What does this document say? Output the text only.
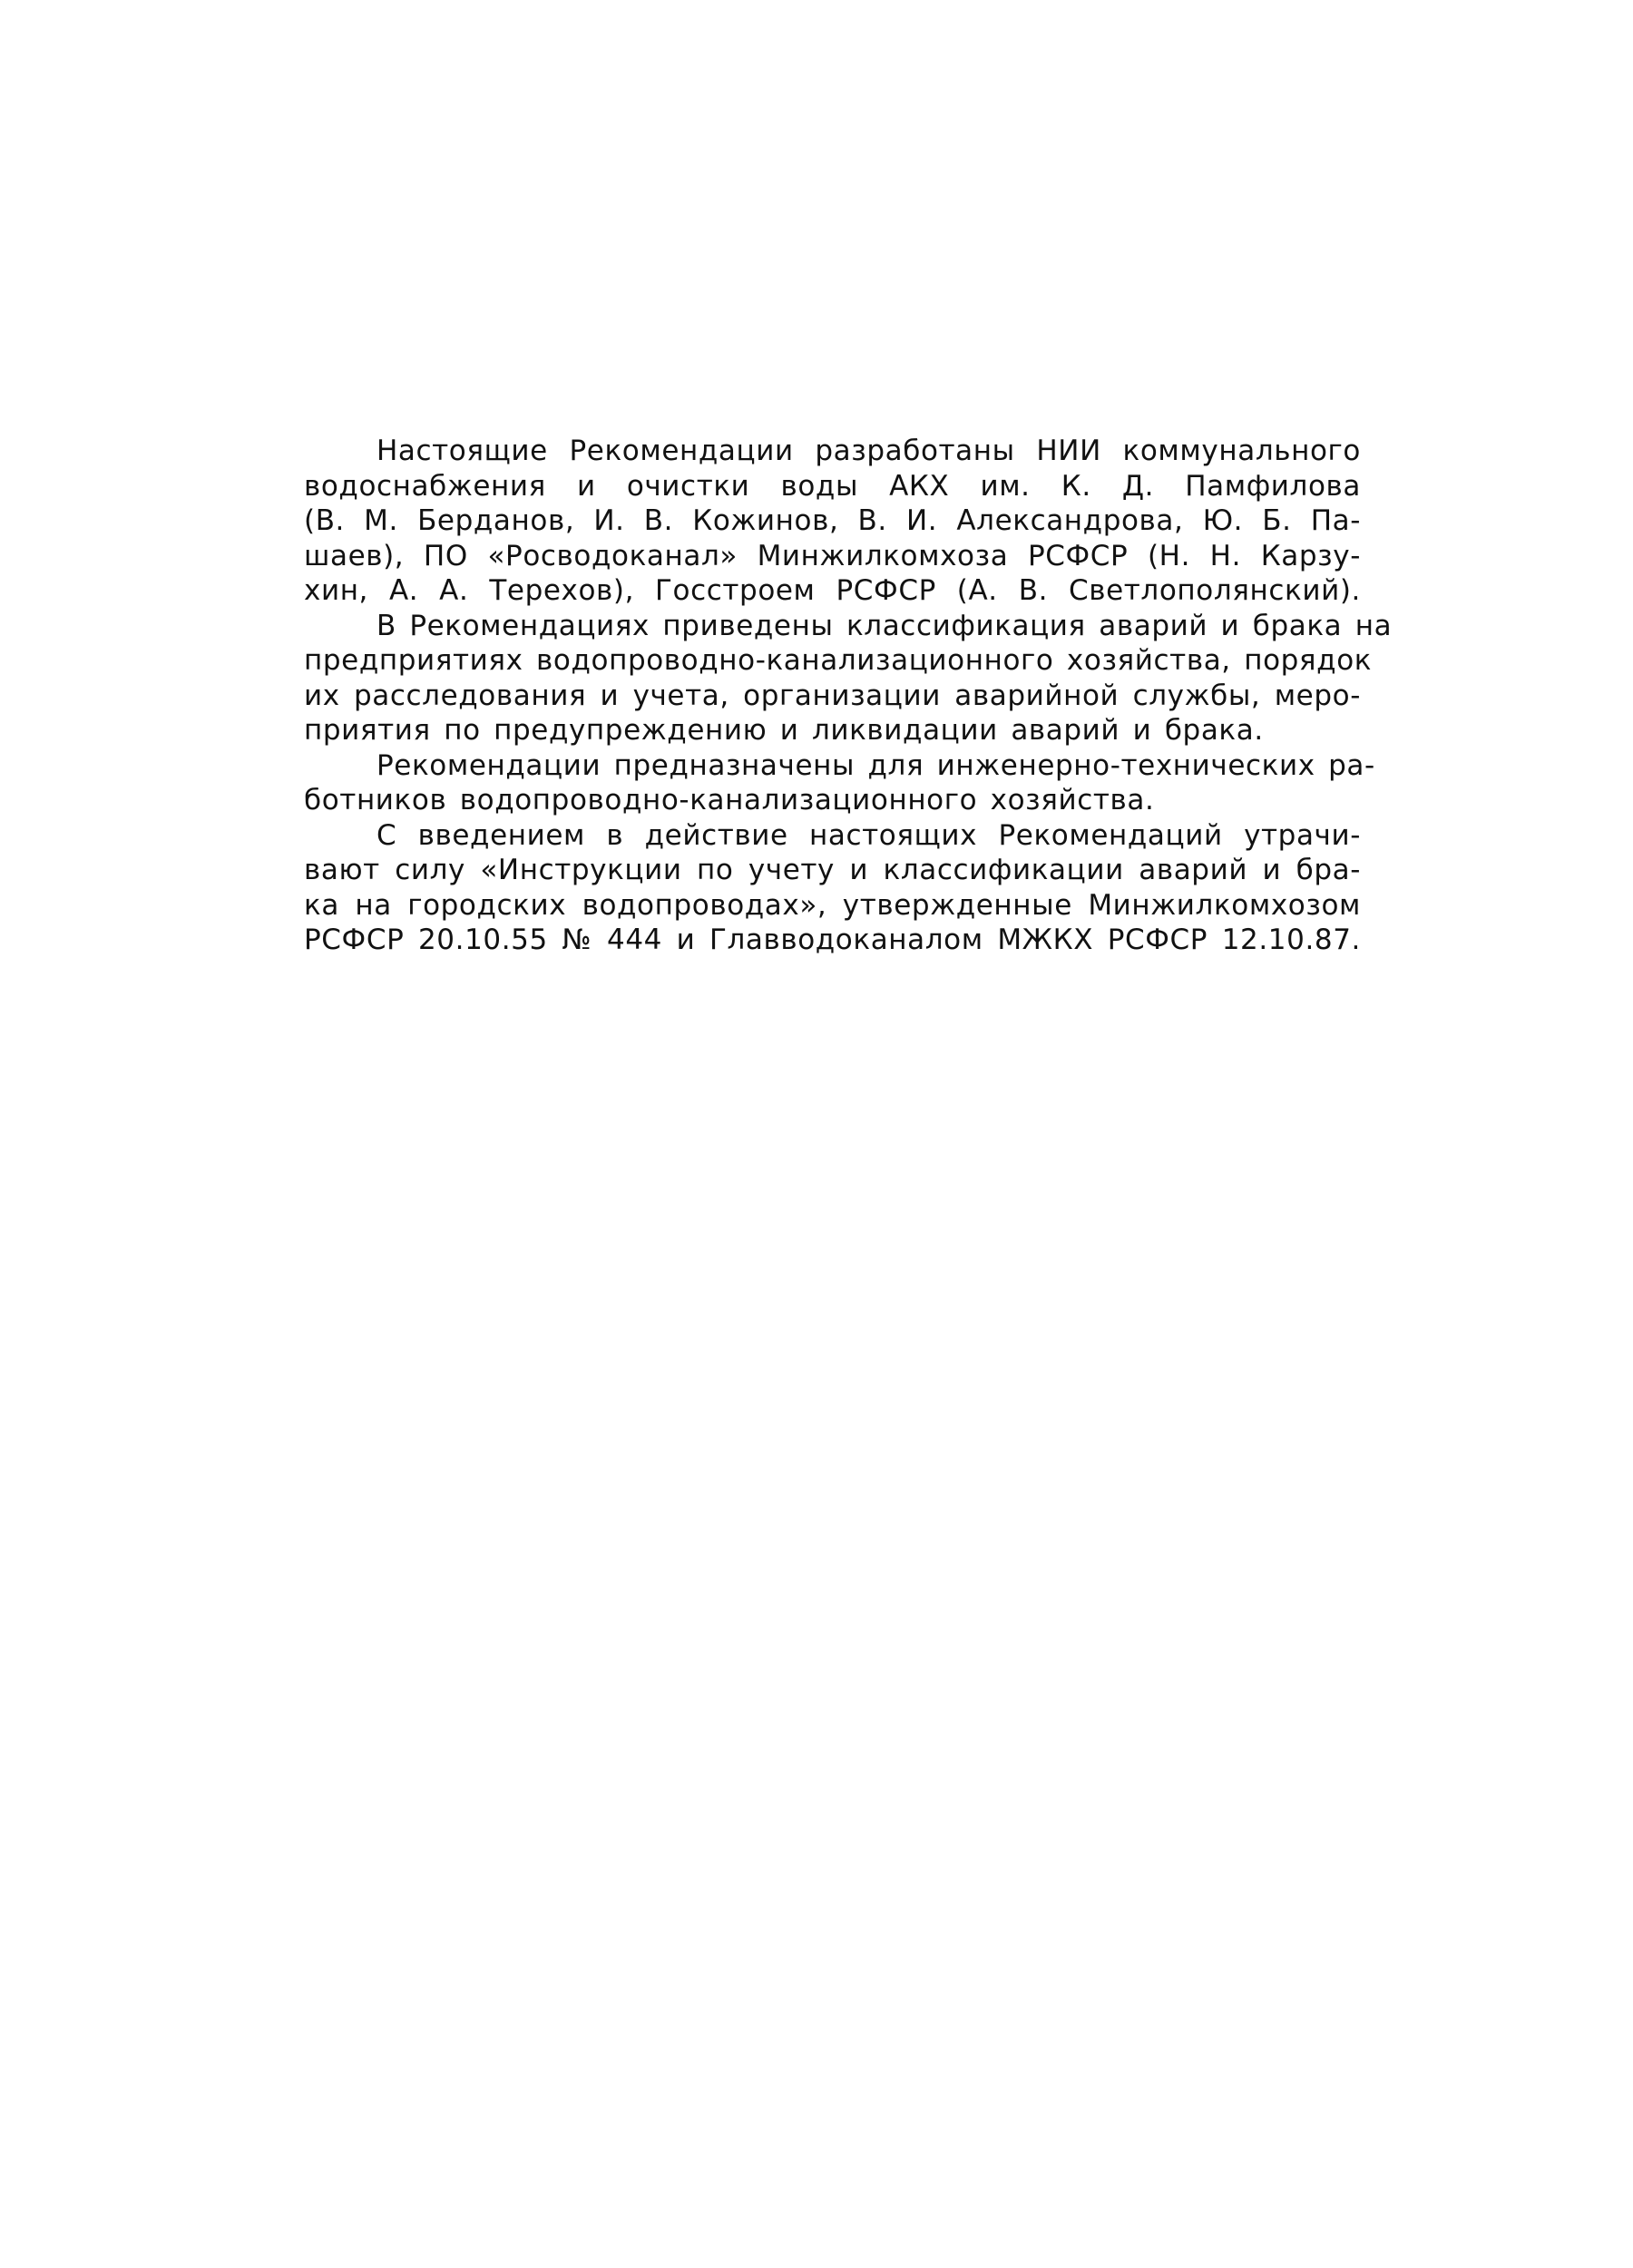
Настоящие Рекомендации разработаны НИИ коммунального
водоснабжения и очистки воды АКХ им. К. Д. Памфилова
(В. М. Берданов, И. В. Кожинов, В. И. Александрова, Ю. Б. Па-
шаев), ПО «Росводоканал» Минжилкомхоза РСФСР (Н. Н. Карзу-
хин, А. А. Терехов), Госстроем РСФСР (А. В. Светлополянский).
В Рекомендациях приведены классификация аварий и брака на
предприятиях водопроводно-канализационного хозяйства, порядок
их расследования и учета, организации аварийной службы, меро-
приятия по предупреждению и ликвидации аварий и брака.
Рекомендации предназначены для инженерно-технических ра-
ботников водопроводно-канализационного хозяйства.
С введением в действие настоящих Рекомендаций утрачи-
вают силу «Инструкции по учету и классификации аварий и бра-
ка на городских водопроводах», утвержденные Минжилкомхозом
РСФСР 20.10.55 № 444 и Главводоканалом МЖКХ РСФСР 12.10.87.
